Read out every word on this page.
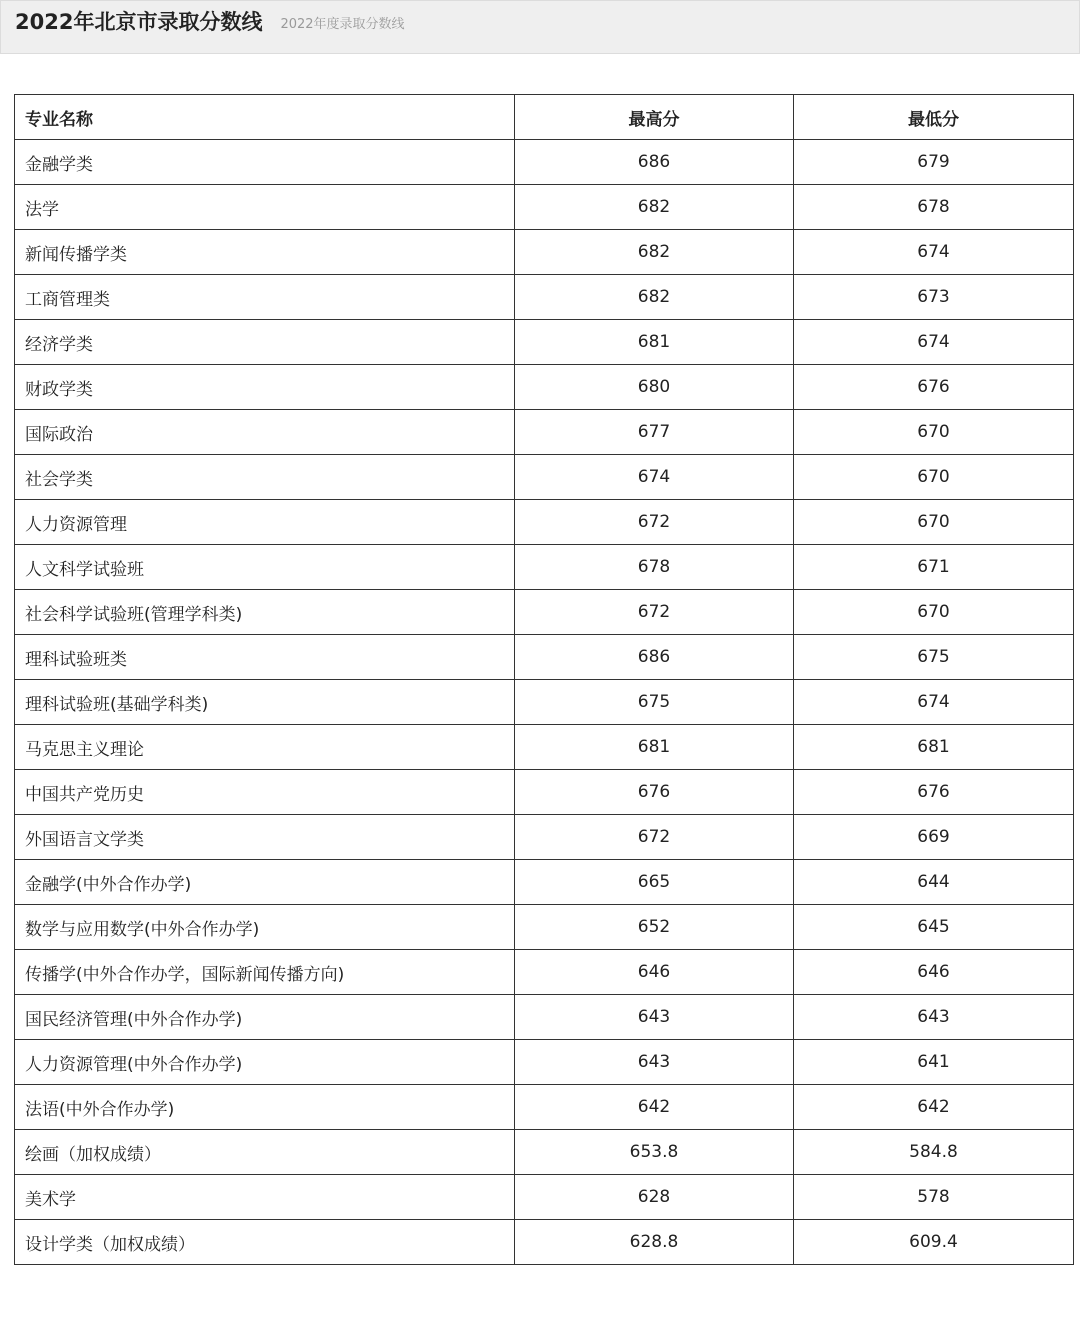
2022年北京市录取分数线 2022年度录取分数线
专业名称	最高分	最低分
金融学类	686	679
法学	682	678
新闻传播学类	682	674
工商管理类	682	673
经济学类	681	674
财政学类	680	676
国际政治	677	670
社会学类	674	670
人力资源管理	672	670
人文科学试验班	678	671
社会科学试验班(管理学科类)	672	670
理科试验班类	686	675
理科试验班(基础学科类)	675	674
马克思主义理论	681	681
中国共产党历史	676	676
外国语言文学类	672	669
金融学(中外合作办学)	665	644
数学与应用数学(中外合作办学)	652	645
传播学(中外合作办学，国际新闻传播方向)	646	646
国民经济管理(中外合作办学)	643	643
人力资源管理(中外合作办学)	643	641
法语(中外合作办学)	642	642
绘画（加权成绩）	653.8	584.8
美术学	628	578
设计学类（加权成绩）	628.8	609.4
